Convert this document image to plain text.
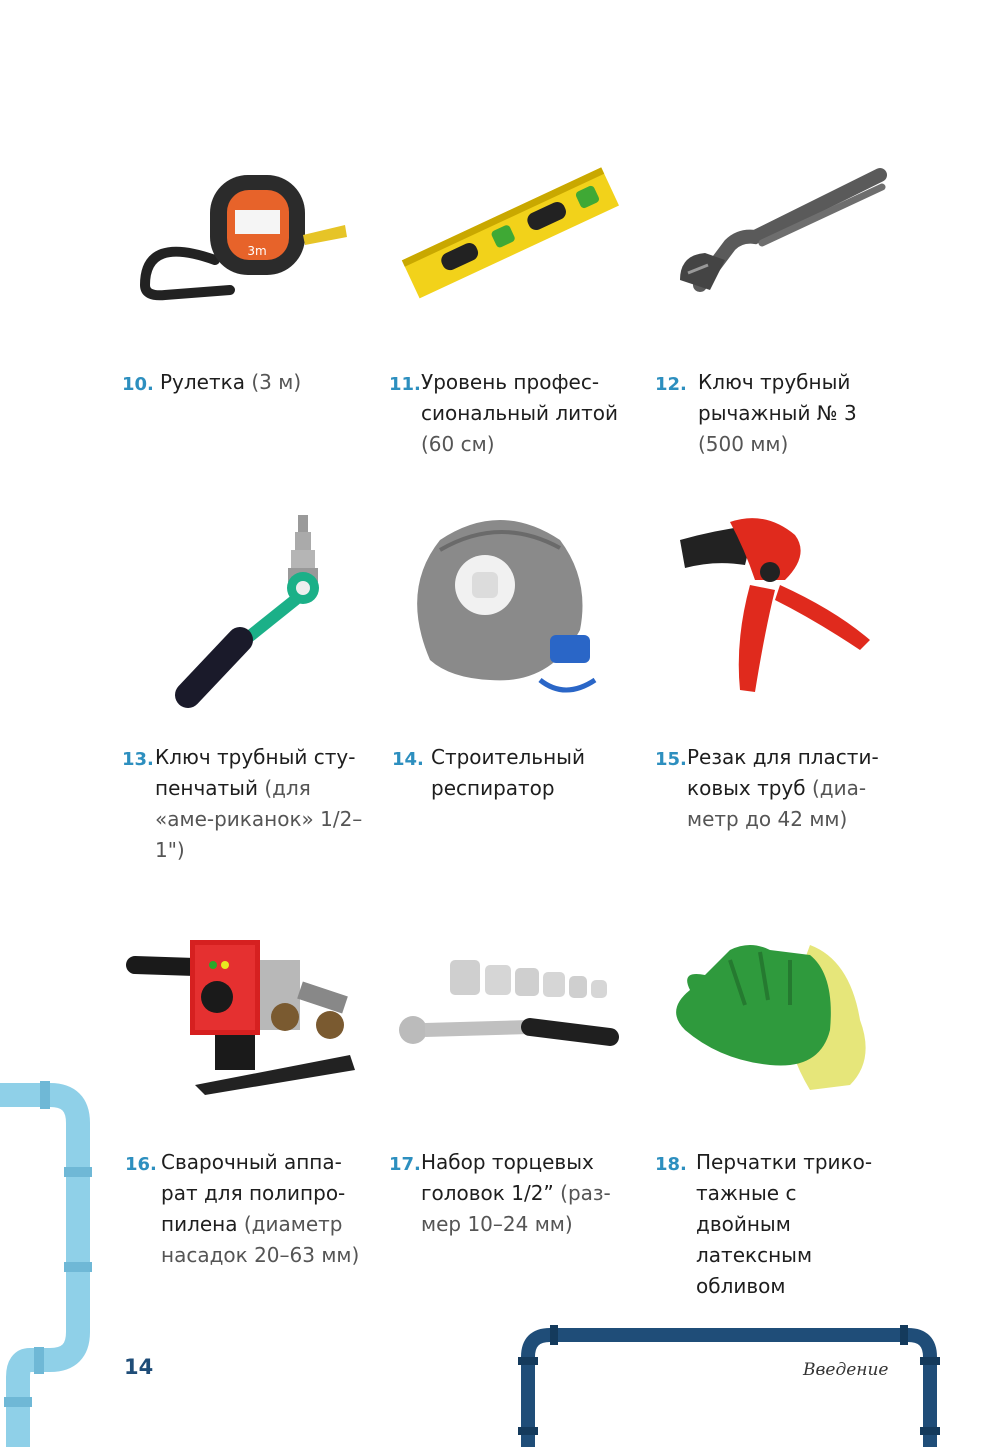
3m
10. Рулетка (3 м)	11. Уровень профес-сиональный литой (60 см)
12. Ключ трубный рычажный № 3 (500 мм)
13. Ключ трубный сту-пенчатый (для «аме-риканок» 1/2–1")
14. Строительный респиратор
15. Резак для пласти-ковых труб (диа-метр до 42 мм)
16. Сварочный аппа-рат для полипро-пилена (диаметр насадок 20–63 мм)
17. Набор торцевых головок 1/2” (раз-мер 10–24 мм)
18. Перчатки трико-тажные с двойным латексным обливом
14	Введение
